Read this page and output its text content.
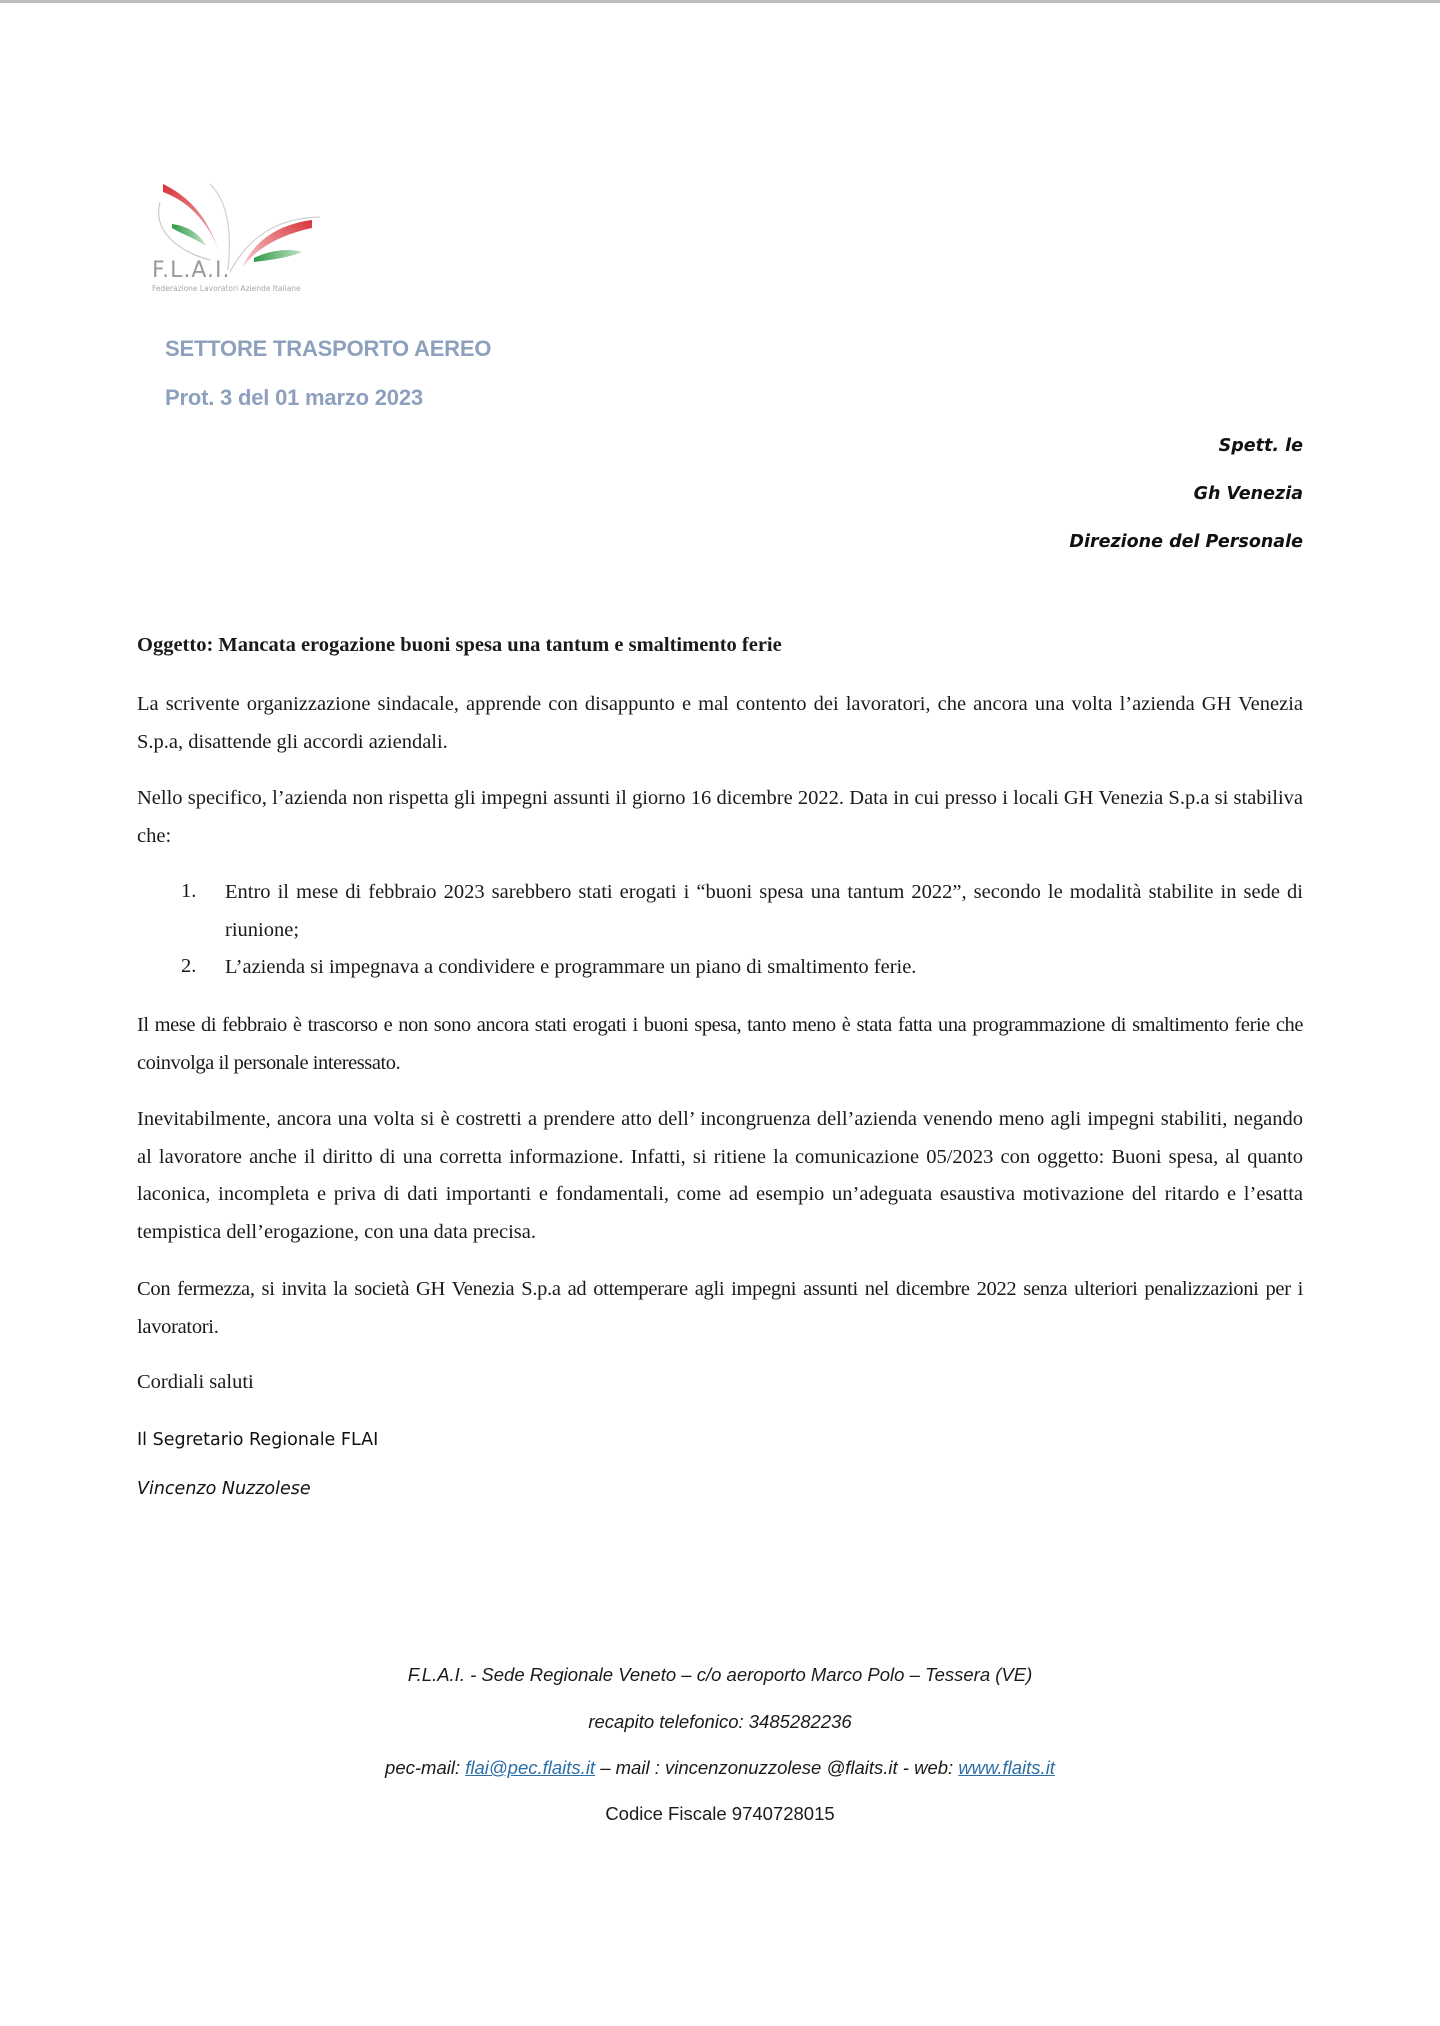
F.L.A.I.
Federazione Lavoratori Aziende Italiane
SETTORE TRASPORTO AEREO
Prot. 3 del 01 marzo 2023
Spett. le
Gh Venezia
Direzione del Personale
Oggetto: Mancata erogazione buoni spesa una tantum e smaltimento ferie
La scrivente organizzazione sindacale, apprende con disappunto e mal contento dei lavoratori, che ancora una volta l’azienda GH Venezia S.p.a, disattende gli accordi aziendali.
Nello specifico, l’azienda non rispetta gli impegni assunti il giorno 16 dicembre 2022. Data in cui presso i locali GH Venezia S.p.a si stabiliva che:
1. Entro il mese di febbraio 2023 sarebbero stati erogati i “buoni spesa una tantum 2022”, secondo le modalità stabilite in sede di riunione;
2. L’azienda si impegnava a condividere e programmare un piano di smaltimento ferie.
Il mese di febbraio è trascorso e non sono ancora stati erogati i buoni spesa, tanto meno è stata fatta una programmazione di smaltimento ferie che coinvolga il personale interessato.
Inevitabilmente, ancora una volta si è costretti a prendere atto dell’ incongruenza dell’azienda venendo meno agli impegni stabiliti, negando al lavoratore anche il diritto di una corretta informazione. Infatti, si ritiene la comunicazione 05/2023 con oggetto: Buoni spesa, al quanto laconica, incompleta e priva di dati importanti e fondamentali, come ad esempio un’adeguata esaustiva motivazione del ritardo e l’esatta tempistica dell’erogazione, con una data precisa.
Con fermezza, si invita la società GH Venezia S.p.a ad ottemperare agli impegni assunti nel dicembre 2022 senza ulteriori penalizzazioni per i lavoratori.
Cordiali saluti
Il Segretario Regionale FLAI
Vincenzo Nuzzolese
F.L.A.I. - Sede Regionale Veneto – c/o aeroporto Marco Polo – Tessera (VE)
recapito telefonico: 3485282236
pec-mail: flai@pec.flaits.it – mail : vincenzonuzzolese @flaits.it - web: www.flaits.it
Codice Fiscale 9740728015
